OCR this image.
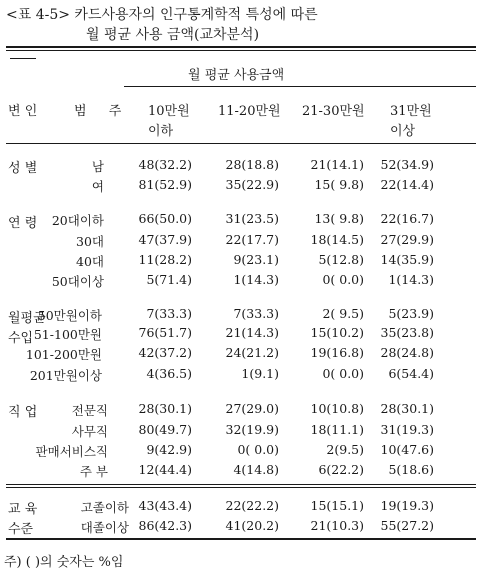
<표 4-5> 카드사용자의 인구통계학적 특성에 따른
월 평균 사용 금액(교차분석)
월 평균 사용금액
변 인	범 주 10만원
이하
11-20만원 21-30만원 31만원
이상
성 별	남	48(32.2)	28(18.8)	21(14.1) 52(34.9)
여	81(52.9)	35(22.9)	15( 9.8) 22(14.4)
연 령 20대이하	66(50.0)	31(23.5)	13( 9.8) 22(16.7)
30대	47(37.9)	22(17.7)	18(14.5) 27(29.9)
40대	11(28.2)	9(23.1)	5(12.8) 14(35.9)
50대이상	5(71.4)	1(14.3)	0( 0.0) 1(14.3)
월평균
수입
50만원이하	7(33.3)	7(33.3)	2( 9.5) 5(23.9)
51-100만원	76(51.7)	21(14.3)	15(10.2) 35(23.8)
101-200만원	42(37.2)	24(21.2)	19(16.8) 28(24.8)
201만원이상	4(36.5)	1(9.1)	0( 0.0) 6(54.4)
직 업	전문직 28(30.1)	27(29.0)	10(10.8) 28(30.1)
사무직 80(49.7)	32(19.9)	18(11.1) 31(19.3)
판매서비스직	9(42.9)	0( 0.0)	2(9.5) 10(47.6)
주 부 12(44.4)	4(14.8)	6(22.2) 5(18.6)
교 육
수준
고졸이하 43(43.4)	22(22.2)	15(15.1) 19(19.3)
대졸이상 86(42.3)	41(20.2)	21(10.3) 55(27.2)
주) ( )의 숫자는 %임
